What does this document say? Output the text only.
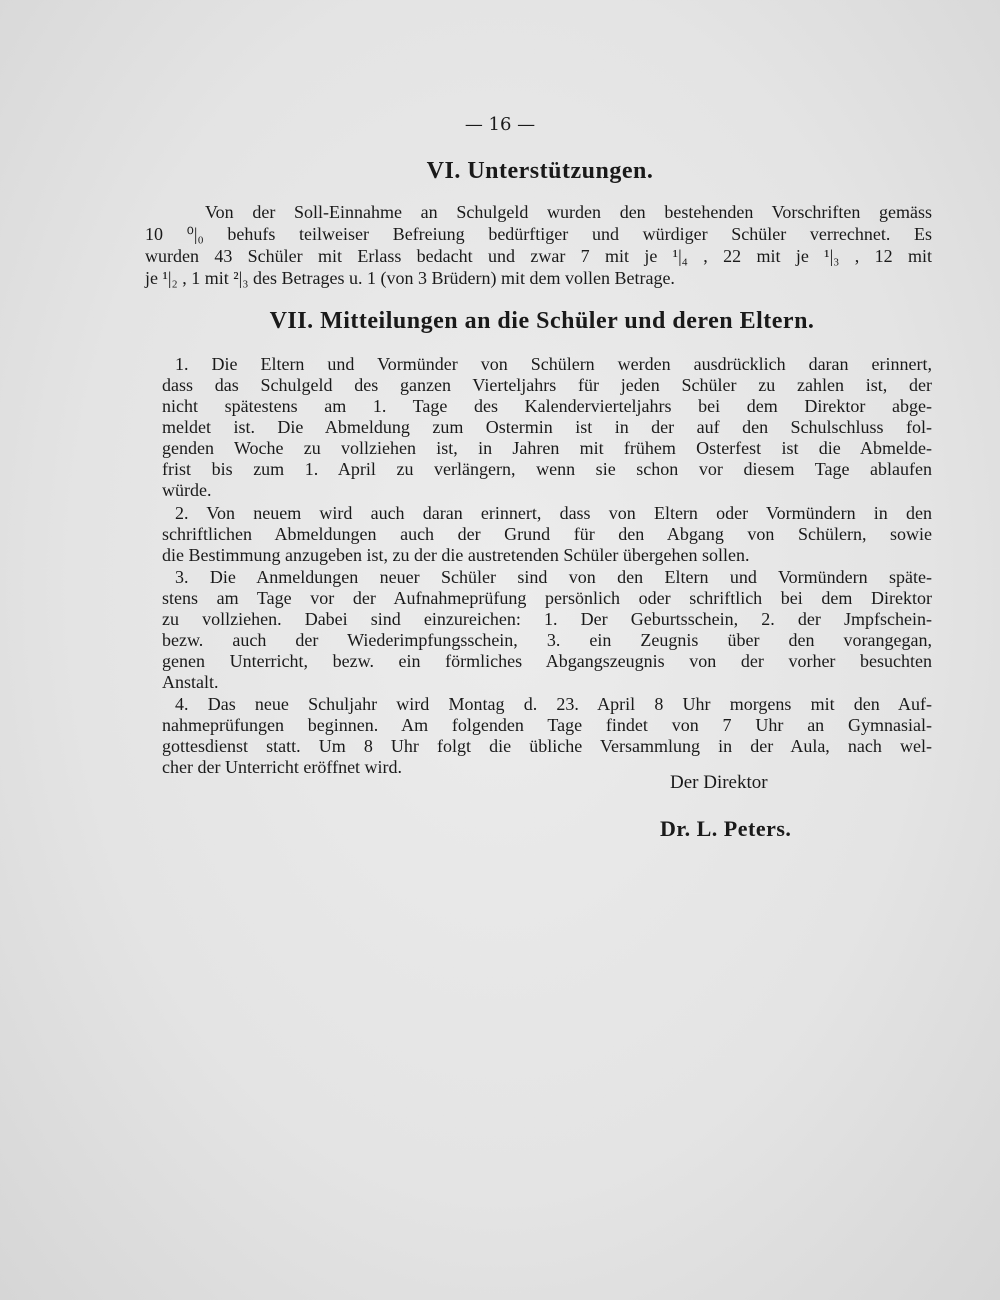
— 16 —
VI. Unterstützungen.
Von der Soll-Einnahme an Schulgeld wurden den bestehenden Vorschriften gemäss
10 ⁰|₀ behufs teilweiser Befreiung bedürftiger und würdiger Schüler verrechnet. Es
wurden 43 Schüler mit Erlass bedacht und zwar 7 mit je ¹|₄ , 22 mit je ¹|₃ , 12 mit
je ¹|₂ , 1 mit ²|₃ des Betrages u. 1 (von 3 Brüdern) mit dem vollen Betrage.
VII. Mitteilungen an die Schüler und deren Eltern.
1. Die Eltern und Vormünder von Schülern werden ausdrücklich daran erinnert,
dass das Schulgeld des ganzen Vierteljahrs für jeden Schüler zu zahlen ist, der
nicht spätestens am 1. Tage des Kalendervierteljahrs bei dem Direktor abge-
meldet ist. Die Abmeldung zum Ostermin ist in der auf den Schulschluss fol-
genden Woche zu vollziehen ist, in Jahren mit frühem Osterfest ist die Abmelde-
frist bis zum 1. April zu verlängern, wenn sie schon vor diesem Tage ablaufen
würde.
2. Von neuem wird auch daran erinnert, dass von Eltern oder Vormündern in den
schriftlichen Abmeldungen auch der Grund für den Abgang von Schülern, sowie
die Bestimmung anzugeben ist, zu der die austretenden Schüler übergehen sollen.
3. Die Anmeldungen neuer Schüler sind von den Eltern und Vormündern späte-
stens am Tage vor der Aufnahmeprüfung persönlich oder schriftlich bei dem Direktor
zu vollziehen. Dabei sind einzureichen: 1. Der Geburtsschein, 2. der Jmpfschein-
bezw. auch der Wiederimpfungsschein, 3. ein Zeugnis über den vorangegan,
genen Unterricht, bezw. ein förmliches Abgangszeugnis von der vorher besuchten
Anstalt.
4. Das neue Schuljahr wird Montag d. 23. April 8 Uhr morgens mit den Auf-
nahmeprüfungen beginnen. Am folgenden Tage findet von 7 Uhr an Gymnasial-
gottesdienst statt. Um 8 Uhr folgt die übliche Versammlung in der Aula, nach wel-
cher der Unterricht eröffnet wird.
Der Direktor
Dr. L. Peters.
